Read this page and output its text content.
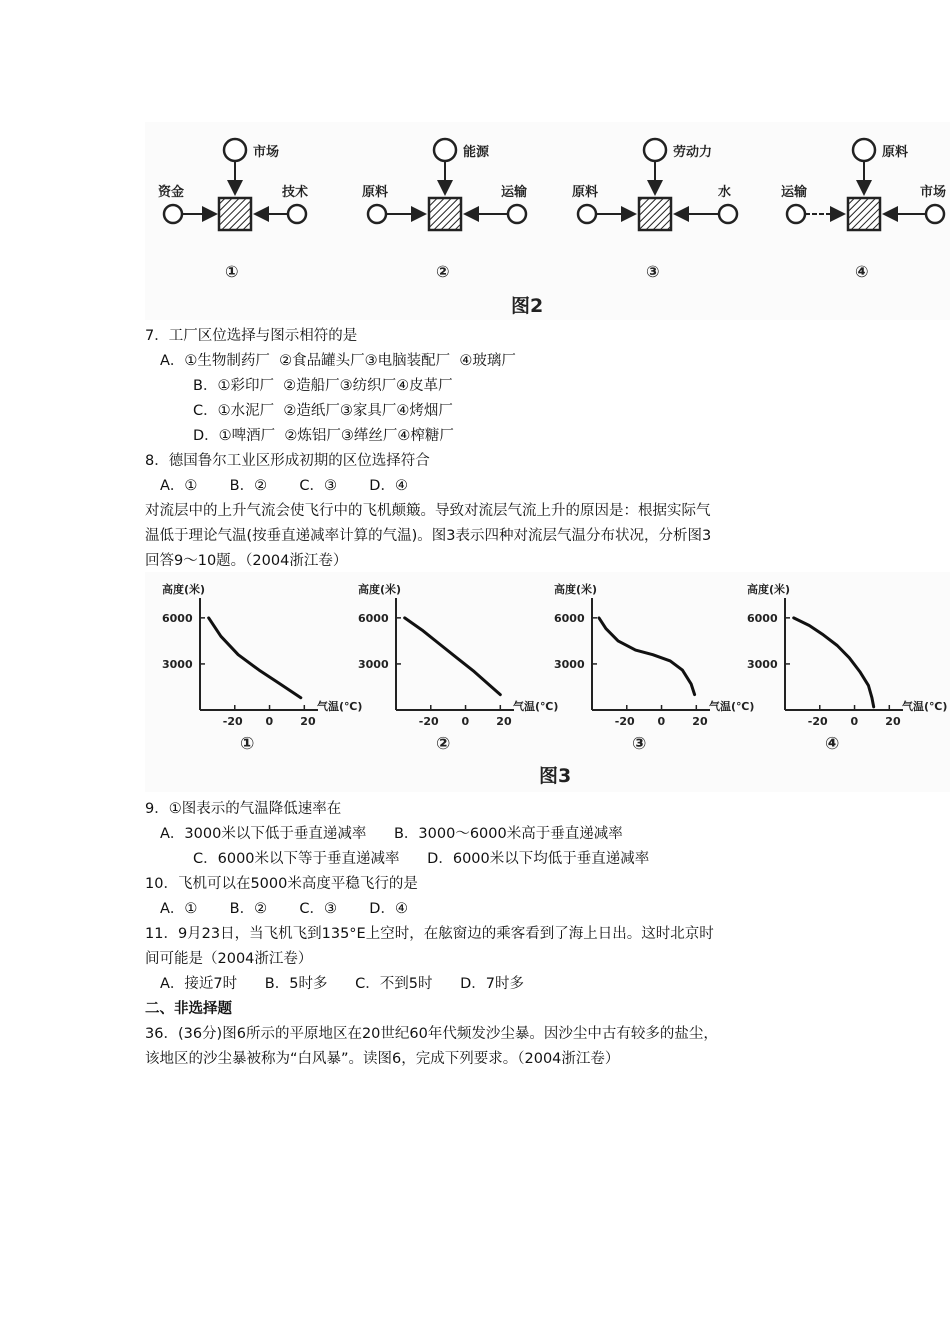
市场
资金	技术
①
能源
原料	运输
②
劳动力
原料	水
③
原料
运输	市场
④
图2
7．工厂区位选择与图示相符的是
A．①生物制药厂  ②食品罐头厂③电脑装配厂  ④玻璃厂
B．①彩印厂  ②造船厂③纺织厂④皮革厂
C．①水泥厂  ②造纸厂③家具厂④烤烟厂
D．①啤酒厂  ②炼铝厂③缂丝厂④榨糖厂
8．德国鲁尔工业区形成初期的区位选择符合
A．①       B．②       C．③       D．④
对流层中的上升气流会使飞行中的飞机颠簸。导致对流层气流上升的原因是：根据实际气
温低于理论气温(按垂直递减率计算的气温)。图3表示四种对流层气温分布状况，分析图3
回答9～10题。（2004浙江卷）
图3
高度(米)
气温(℃)
6000
3000
-20 0 20
①
高度(米)
气温(℃)
6000
3000
-20 0 20
②
高度(米)
气温(℃)
6000
3000
-20 0 20
③
高度(米)
气温(℃)
6000
3000
-20 0 20
④
9．①图表示的气温降低速率在
A．3000米以下低于垂直递减率      B．3000～6000米高于垂直递减率
C．6000米以下等于垂直递减率      D．6000米以下均低于垂直递减率
10．飞机可以在5000米高度平稳飞行的是
A．①       B．②       C．③       D．④
11．9月23日，当飞机飞到135°E上空时，在舷窗边的乘客看到了海上日出。这时北京时
间可能是（2004浙江卷）
A．接近7时      B．5时多      C．不到5时      D．7时多
二、非选择题
36．(36分)图6所示的平原地区在20世纪60年代频发沙尘暴。因沙尘中古有较多的盐尘，
该地区的沙尘暴被称为“白风暴”。读图6，完成下列要求。（2004浙江卷）
